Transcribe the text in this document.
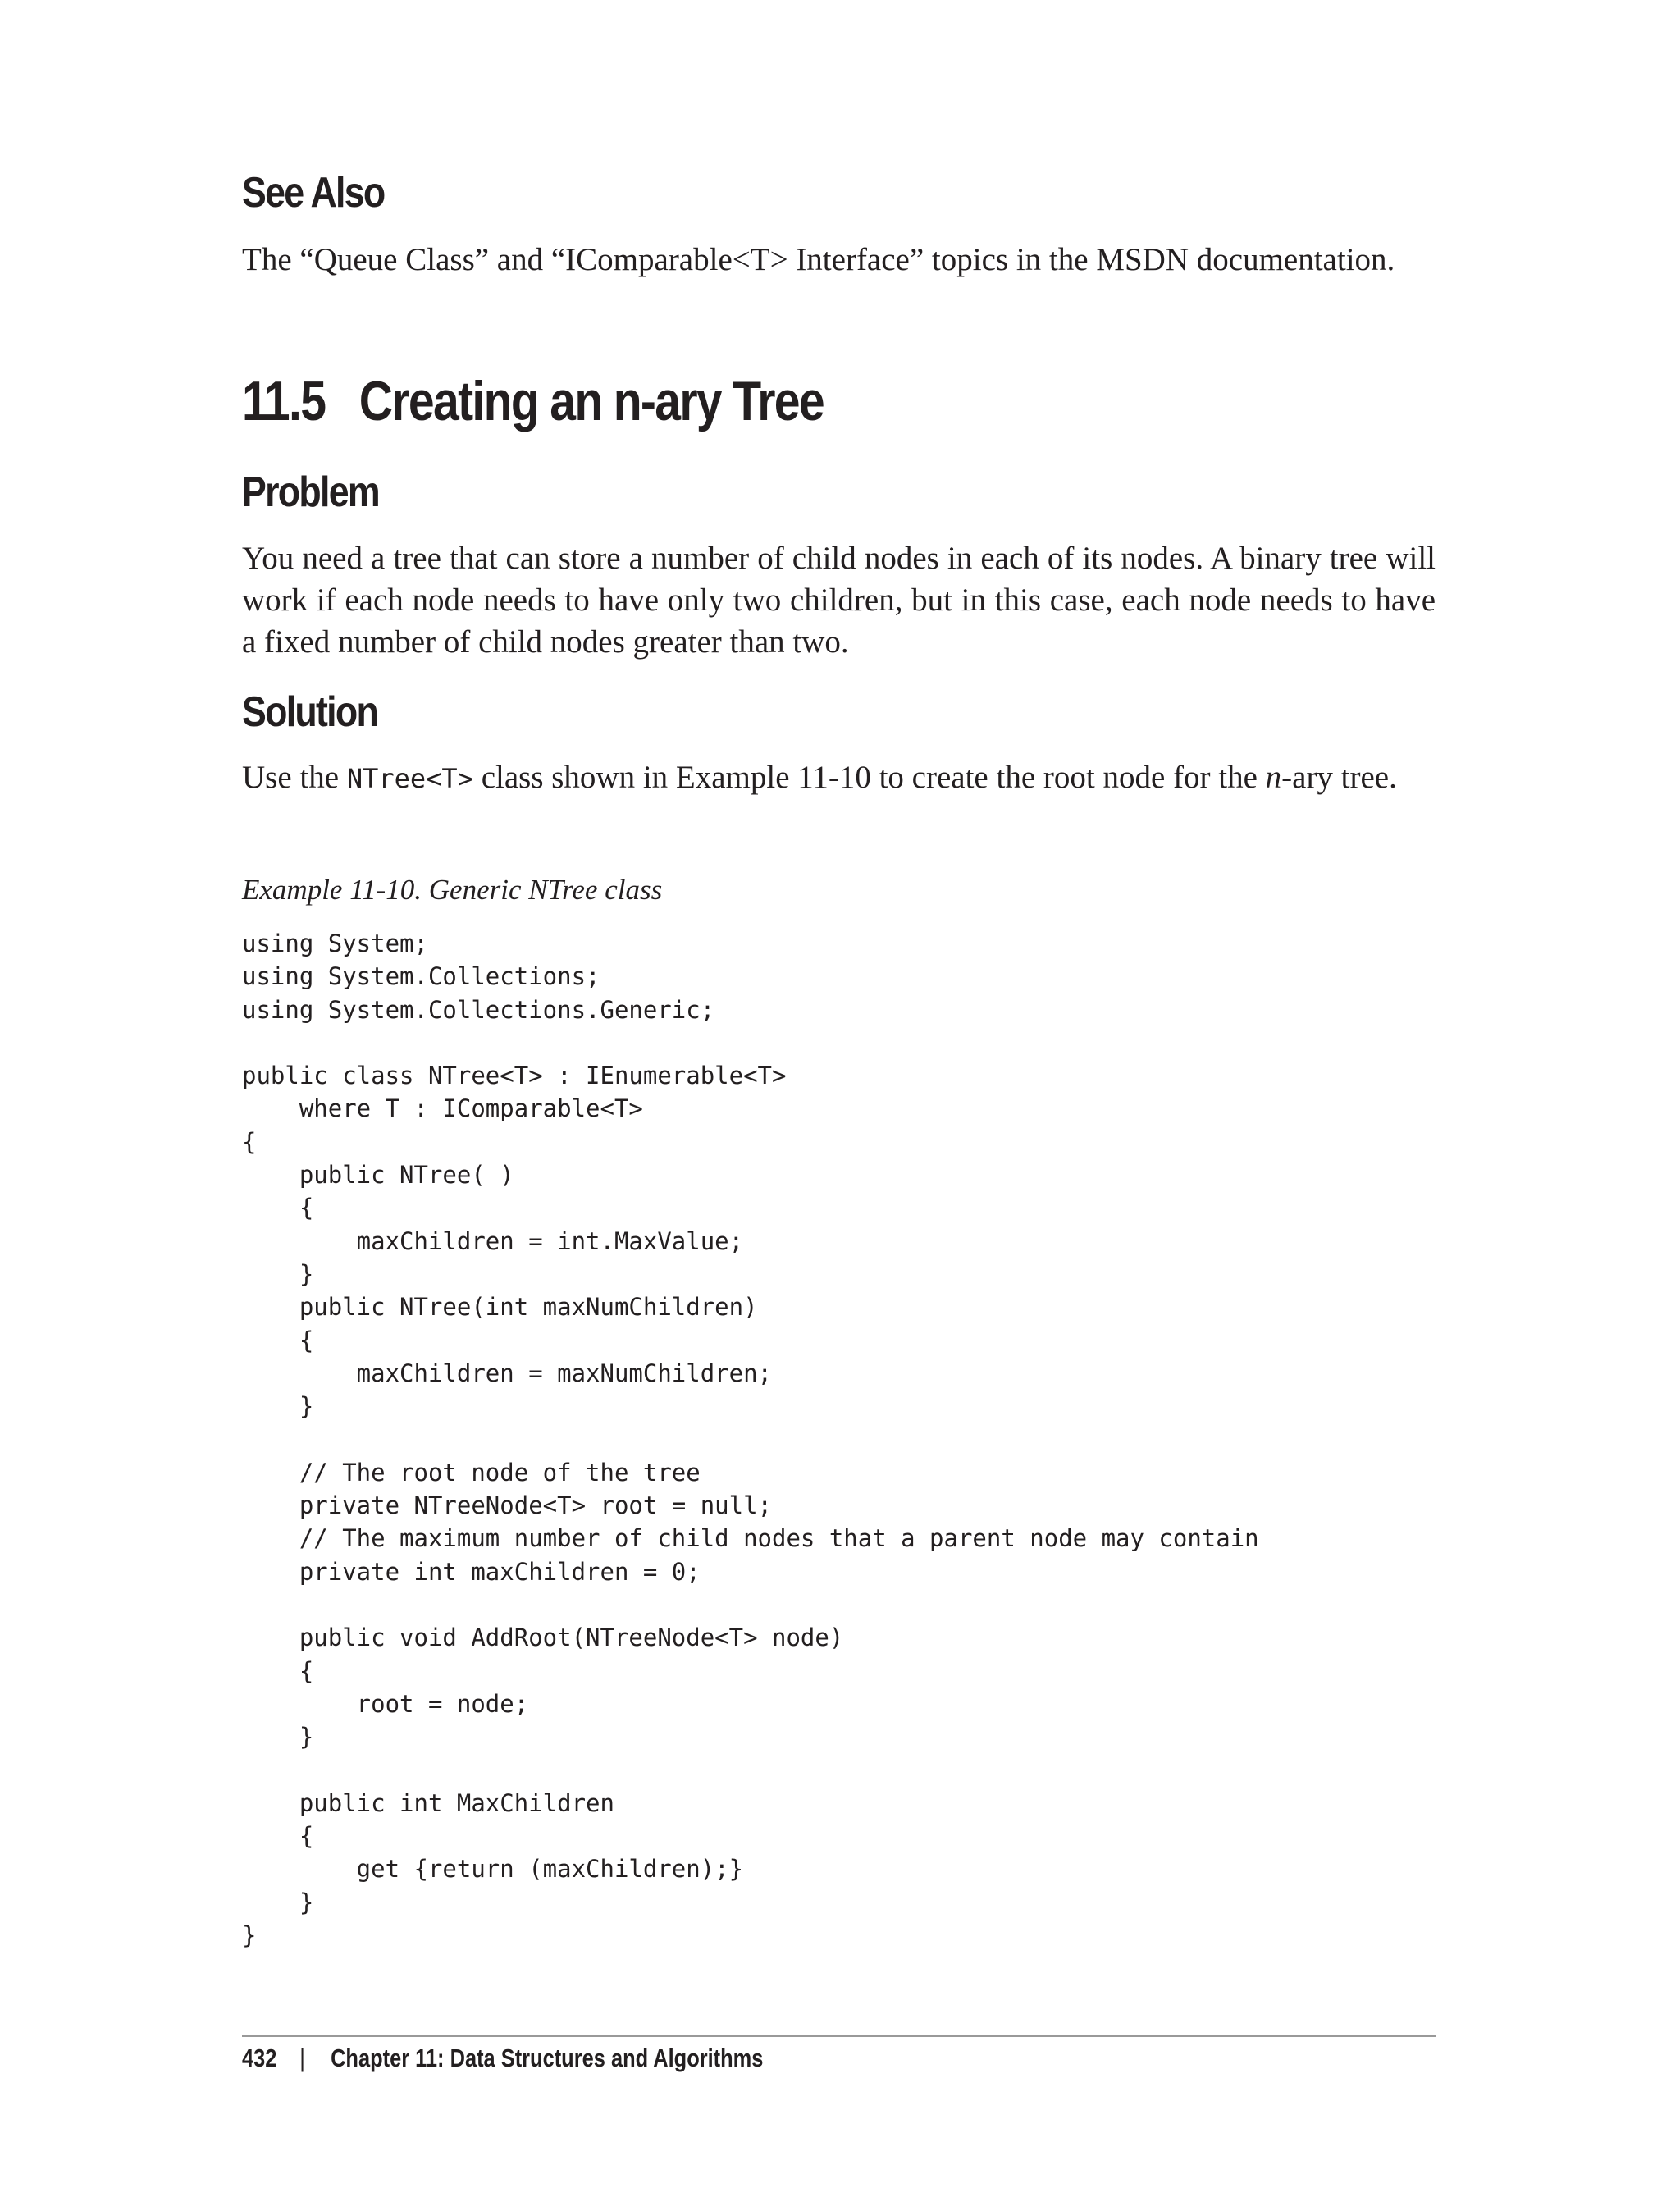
See Also
The “Queue Class” and “IComparable<T> Interface” topics in the MSDN documentation.
11.5 Creating an n-ary Tree
Problem
You need a tree that can store a number of child nodes in each of its nodes. A binary tree will work if each node needs to have only two children, but in this case, each node needs to have a fixed number of child nodes greater than two.
Solution
Use the NTree<T> class shown in Example 11-10 to create the root node for the n-ary tree.
Example 11-10. Generic NTree class
using System;
using System.Collections;
using System.Collections.Generic;

public class NTree<T> : IEnumerable<T>
where T : IComparable<T>
{
public NTree( )
{
maxChildren = int.MaxValue;
}
public NTree(int maxNumChildren)
{
maxChildren = maxNumChildren;
}

// The root node of the tree
private NTreeNode<T> root = null;
// The maximum number of child nodes that a parent node may contain
private int maxChildren = 0;

public void AddRoot(NTreeNode<T> node)
{
root = node;
}

public int MaxChildren
{
get {return (maxChildren);}
}
}
432 | Chapter 11: Data Structures and Algorithms
